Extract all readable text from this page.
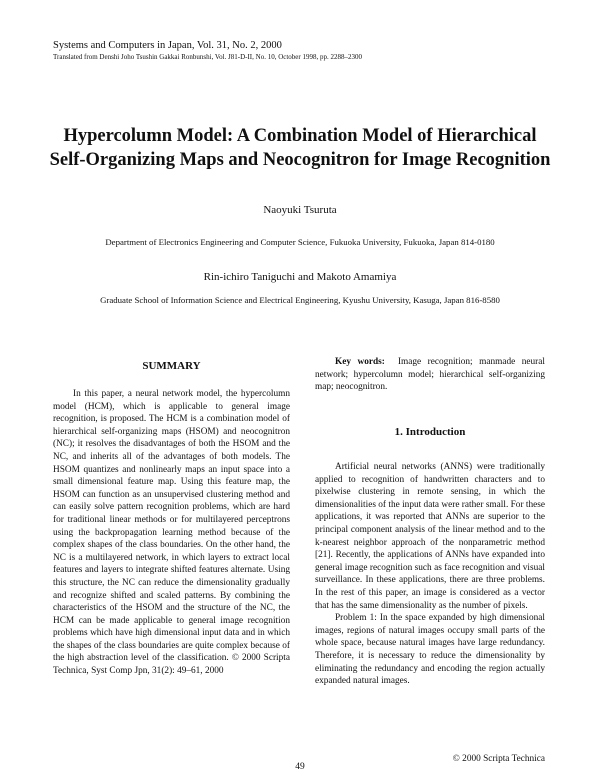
Systems and Computers in Japan, Vol. 31, No. 2, 2000
Translated from Denshi Joho Tsushin Gakkai Ronbunshi, Vol. J81-D-II, No. 10, October 1998, pp. 2288–2300
Hypercolumn Model: A Combination Model of Hierarchical
Self-Organizing Maps and Neocognitron for Image Recognition
Naoyuki Tsuruta
Department of Electronics Engineering and Computer Science, Fukuoka University, Fukuoka, Japan 814-0180
Rin-ichiro Taniguchi and Makoto Amamiya
Graduate School of Information Science and Electrical Engineering, Kyushu University, Kasuga, Japan 816-8580
SUMMARY

In this paper, a neural network model, the hypercolumn model (HCM), which is applicable to general image recognition, is proposed. The HCM is a combination model of hierarchical self-organizing maps (HSOM) and neocognitron (NC); it resolves the disadvantages of both the HSOM and the NC, and inherits all of the advantages of both models. The HSOM quantizes and nonlinearly maps an input space into a small dimensional feature map. Using this feature map, the HSOM can function as an unsupervised clustering method and can easily solve pattern recognition problems, which are hard for traditional linear methods or for multilayered perceptrons using the backpropagation learning method because of the complex shapes of the class boundaries. On the other hand, the NC is a multilayered network, in which layers to extract local features and layers to integrate shifted features alternate. Using this structure, the NC can reduce the dimensionality gradually and recognize shifted and scaled patterns. By combining the characteristics of the HSOM and the structure of the NC, the HCM can be made applicable to general image recognition problems which have high dimensional input data and in which the shapes of the class boundaries are quite complex because of the high abstraction level of the classification. © 2000 Scripta Technica, Syst Comp Jpn, 31(2): 49–61, 2000

Key words: Image recognition; manmade neural network; hypercolumn model; hierarchical self-organizing map; neocognitron.

1. Introduction

Artificial neural networks (ANNS) were traditionally applied to recognition of handwritten characters and to pixelwise clustering in remote sensing, in which the dimensionalities of the input data were rather small. For these applications, it was reported that ANNs are superior to the principal component analysis of the linear method and to the k-nearest neighbor approach of the nonparametric method [21]. Recently, the applications of ANNs have expanded into general image recognition such as face recognition and visual surveillance. In these applications, there are three problems. In the rest of this paper, an image is considered as a vector that has the same dimensionality as the number of pixels.

Problem 1: In the space expanded by high dimensional images, regions of natural images occupy small parts of the whole space, because natural images have large redundancy. Therefore, it is necessary to reduce the dimensionality by eliminating the redundancy and encoding the region actually expanded natural images.

© 2000 Scripta Technica
49
